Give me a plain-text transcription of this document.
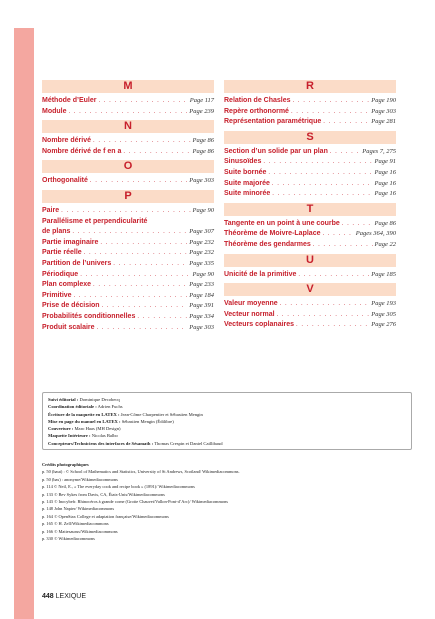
M
Méthode d’Euler . . .	Page 117
Module . . .	Page 239
N
Nombre dérivé . . .	Page 86
Nombre dérivé de f en a . . .	Page 86
O
Orthogonalité . . .	Page 303
P
Paire . . .	Page 90
Parallélisme et perpendicularité
de plans . . .	Page 307
Partie imaginaire . . .	Page 232
Partie réelle . . .	Page 232
Partition de l’univers . . .	Page 335
Périodique . . .	Page 90
Plan complexe . . .	Page 233
Primitive . . .	Page 184
Prise de décision . . .	Page 391
Probabilités conditionnelles . . .	Page 334
Produit scalaire . . .	Page 303
R
Relation de Chasles . . .	Page 190
Repère orthonormé . . .	Page 303
Représentation paramétrique . . .	Page 281
S
Section d’un solide par un plan . . .	Pages 7, 275
Sinusoïdes . . .	Page 91
Suite bornée . . .	Page 16
Suite majorée . . .	Page 16
Suite minorée . . .	Page 16
T
Tangente en un point à une courbe . . .	Page 86
Théorème de Moivre-Laplace . . .	Pages 364, 390
Théorème des gendarmes . . .	Page 22
U
Unicité de la primitive . . .	Page 185
V
Valeur moyenne . . .	Page 193
Vecteur normal . . .	Page 305
Vecteurs coplanaires . . .	Page 276
Suivi éditorial : Dominique Decobecq
Coordination éditoriale : Adrien Fuchs
Écriture de la maquette en LATEX : Jean-Côme Charpentier et Sébastien Mengin
Mise en page du manuel en LATEX : Sébastien Mengin (Édilibre)
Couverture : Maro Haas (MH Design)
Maquette Intérieure : Nicolas Balbo
Concepteurs/Techniciens des interfaces de Sésamath : Thomas Crespin et Daniel Caillibaud
Crédits photographiques
p. 50 (haut) : © School of Mathematics and Statistics, University of St Andrews, Scotland/ Wikimediacommons.
p. 50 (bas) : anonyme/Wikimediacommons
p. 114 © Neil, E., « The everyday cook and recipe book » (1891)/ Wikimediacommons
p. 133 © Bev Sykes from Davis, CA, États-Unis/Wikimediacommons
p. 143 © Inocybefr. Rhinocéros à grande corne (Grotte Chauvet/Vallon-Pont-d’Arc)/ Wikimediacommons
p. 148 John Napier/ Wikimediacommons
p. 164 © OpenStax College et adaptation française/Wikimediacommons
p. 165 © H. Zell/Wikimediacommons
p. 166 © Mattesaurus/Wikimediacommons
p. 330 © Wikimediacommons
448 LEXIQUE
